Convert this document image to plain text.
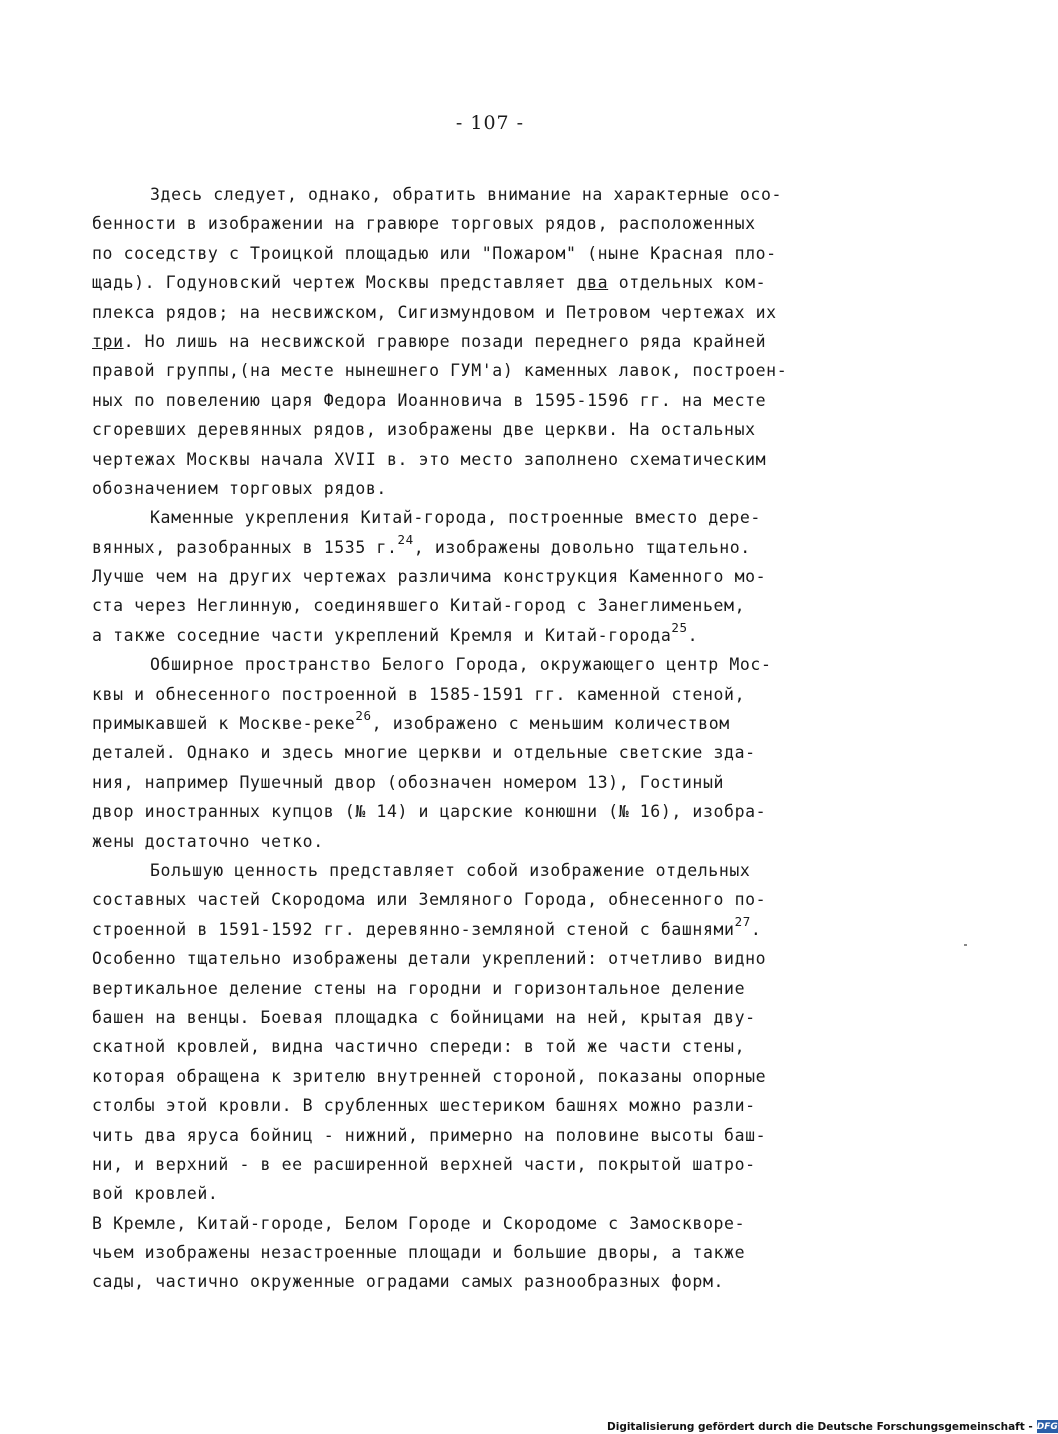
- 107 -
Здесь следует, однако, обратить внимание на характерные осо-
бенности в изображении на гравюре торговых рядов, расположенных
по соседству с Троицкой площадью или "Пожаром" (ныне Красная пло-
щадь). Годуновский чертеж Москвы представляет два отдельных ком-
плекса рядов; на несвижском, Сигизмундовом и Петровом чертежах их
три. Но лишь на несвижской гравюре позади переднего ряда крайней
правой группы,(на месте нынешнего ГУМ'а) каменных лавок, построен-
ных по повелению царя Федора Иоанновича в 1595-1596 гг. на месте
сгоревших деревянных рядов, изображены две церкви. На остальных
чертежах Москвы начала XVII в. это место заполнено схематическим
обозначением торговых рядов.
Каменные укрепления Китай-города, построенные вместо дере-
вянных, разобранных в 1535 г.$^{24}$, изображены довольно тщательно.
Лучше чем на других чертежах различима конструкция Каменного мо-
ста через Неглинную, соединявшего Китай-город с Занеглименьем,
а также соседние части укреплений Кремля и Китай-города$^{25}$.
Обширное пространство Белого Города, окружающего центр Мос-
квы и обнесенного построенной в 1585-1591 гг. каменной стеной,
примыкавшей к Москве-реке$^{26}$, изображено с меньшим количеством
деталей. Однако и здесь многие церкви и отдельные светские зда-
ния, например Пушечный двор (обозначен номером 13), Гостиный
двор иностранных купцов (№ 14) и царские конюшни (№ 16), изобра-
жены достаточно четко.
Большую ценность представляет собой изображение отдельных
составных частей Скородома или Земляного Города, обнесенного по-
строенной в 1591-1592 гг. деревянно-земляной стеной с башнями$^{27}$.
Особенно тщательно изображены детали укреплений: отчетливо видно
вертикальное деление стены на городни и горизонтальное деление
башен на венцы. Боевая площадка с бойницами на ней, крытая дву-
скатной кровлей, видна частично спереди: в той же части стены,
которая обращена к зрителю внутренней стороной, показаны опорные
столбы этой кровли. В срубленных шестериком башнях можно разли-
чить два яруса бойниц - нижний, примерно на половине высоты баш-
ни, и верхний - в ее расширенной верхней части, покрытой шатро-
вой кровлей.
В Кремле, Китай-городе, Белом Городе и Скородоме с Замоскворе-
чьем изображены незастроенные площади и большие дворы, а также
сады, частично окруженные оградами самых разнообразных форм.
Digitalisierung gefördert durch die Deutsche Forschungsgemeinschaft - DFG
